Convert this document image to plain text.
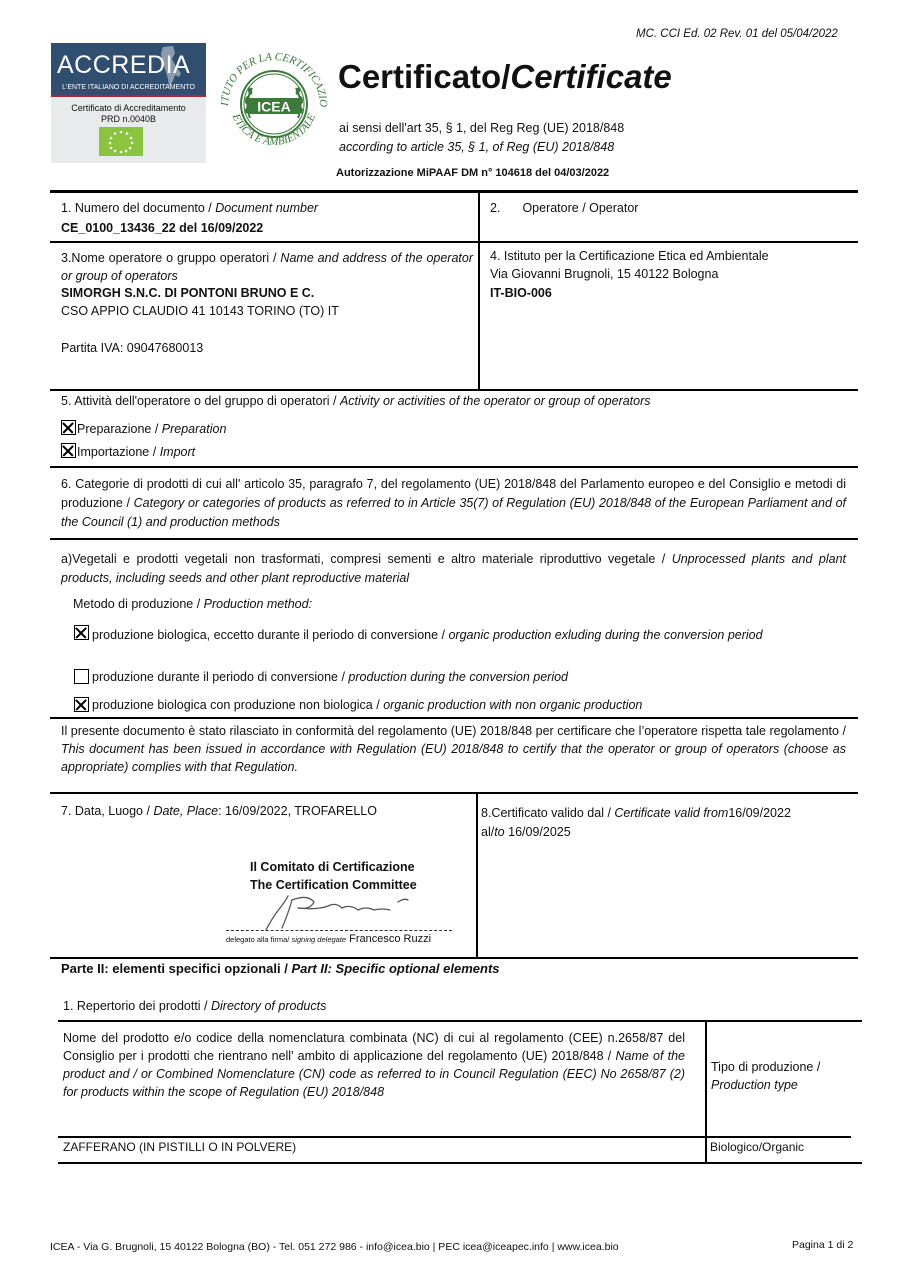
MC. CCI Ed. 02 Rev. 01 del 05/04/2022
ACCREDIA
L'ENTE ITALIANO DI ACCREDITAMENTO
Certificato di Accreditamento
PRD n.0040B
ICEA
ITUTO PER LA CERTIFICAZIO
ETICA E AMBIENTALE
Certificato/Certificate
ai sensi dell'art 35, § 1, del Reg Reg (UE) 2018/848
according to article 35, § 1, of Reg (EU) 2018/848
Autorizzazione MiPAAF DM n° 104618 del 04/03/2022
1. Numero del documento / Document number
CE_0100_13436_22 del 16/09/2022
2. Operatore / Operator
3.Nome operatore o gruppo operatori / Name and address of the operator or group of operators
SIMORGH S.N.C. DI PONTONI BRUNO E C.
CSO APPIO CLAUDIO 41 10143 TORINO (TO) IT
Partita IVA: 09047680013
4. Istituto per la Certificazione Etica ed Ambientale
Via Giovanni Brugnoli, 15 40122 Bologna
IT-BIO-006
5. Attività dell'operatore o del gruppo di operatori / Activity or activities of the operator or group of operators
Preparazione / Preparation
Importazione / Import
6. Categorie di prodotti di cui all' articolo 35, paragrafo 7, del regolamento (UE) 2018/848 del Parlamento europeo e del Consiglio e metodi di produzione / Category or categories of products as referred to in Article 35(7) of Regulation (EU) 2018/848 of the European Parliament and of the Council (1) and production methods
a)Vegetali e prodotti vegetali non trasformati, compresi sementi e altro materiale riproduttivo vegetale / Unprocessed plants and plant products, including seeds and other plant reproductive material
Metodo di produzione / Production method:
produzione biologica, eccetto durante il periodo di conversione / organic production exluding during the conversion period
produzione durante il periodo di conversione / production during the conversion period
produzione biologica con produzione non biologica / organic production with non organic production
Il presente documento è stato rilasciato in conformità del regolamento (UE) 2018/848 per certificare che l’operatore rispetta tale regolamento / This document has been issued in accordance with Regulation (EU) 2018/848 to certify that the operator or group of operators (choose as appropriate) complies with that Regulation.
7. Data, Luogo / Date, Place: 16/09/2022, TROFARELLO	8.Certificato valido dal / Certificate valid from16/09/2022
al/to 16/09/2025
Il Comitato di Certificazione
The Certification Committee
delegato alla firma/ signing delegate Francesco Ruzzi
Parte II: elementi specifici opzionali / Part II: Specific optional elements
1. Repertorio dei prodotti / Directory of products
Nome del prodotto e/o codice della nomenclatura combinata (NC) di cui al regolamento (CEE) n.2658/87 del Consiglio per i prodotti che rientrano nell' ambito di applicazione del regolamento (UE) 2018/848 / Name of the product and / or Combined Nomenclature (CN) code as referred to in Council Regulation (EEC) No 2658/87 (2) for products within the scope of Regulation (EU) 2018/848
Tipo di produzione /
Production type
ZAFFERANO (IN PISTILLI O IN POLVERE)	Biologico/Organic
ICEA - Via G. Brugnoli, 15 40122 Bologna (BO) - Tel. 051 272 986 - info@icea.bio | PEC icea@iceapec.info | www.icea.bio	Pagina 1 di 2
